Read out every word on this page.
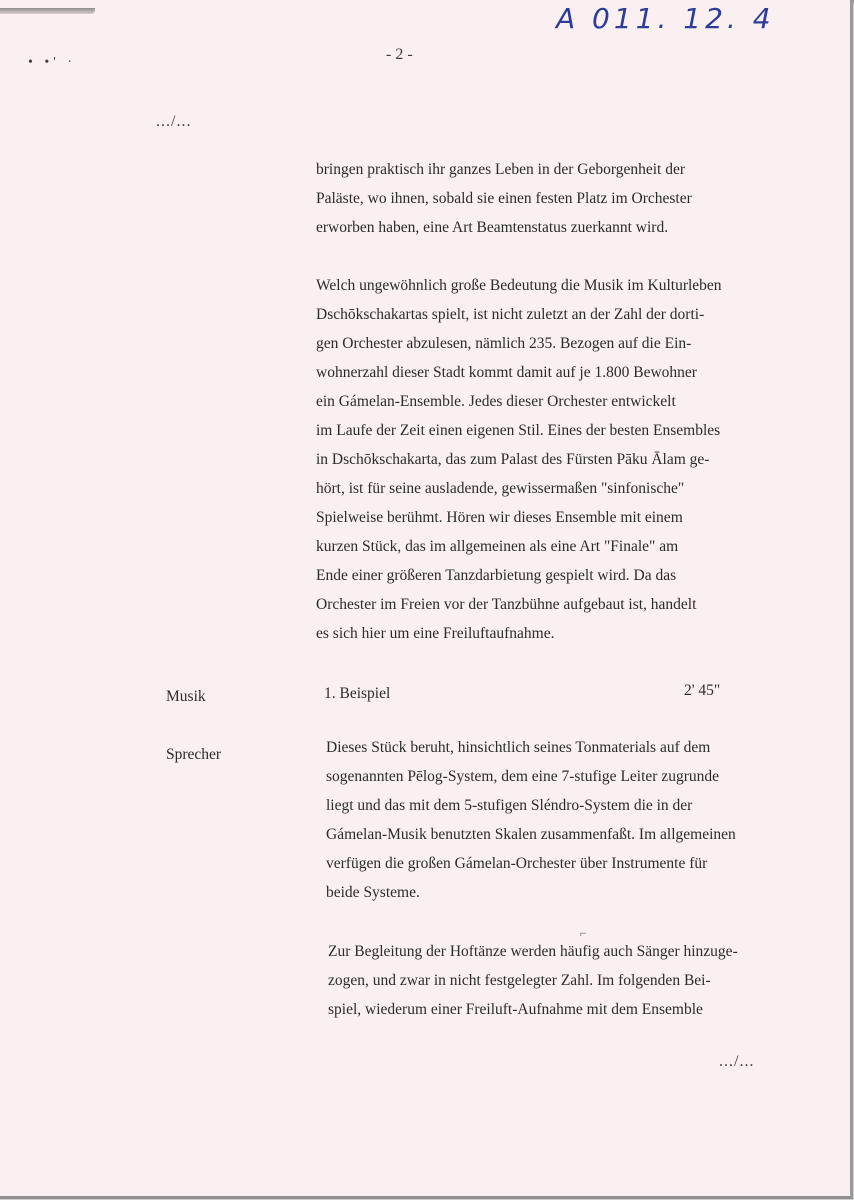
A 011. 12. 4
• •' ·	- 2 -
.../...

bringen praktisch ihr ganzes Leben in der Geborgenheit der
Paläste, wo ihnen, sobald sie einen festen Platz im Orchester
erworben haben, eine Art Beamtenstatus zuerkannt wird.

Welch ungewöhnlich große Bedeutung die Musik im Kulturleben
Dschōkschakartas spielt, ist nicht zuletzt an der Zahl der dorti-
gen Orchester abzulesen, nämlich 235. Bezogen auf die Ein-
wohnerzahl dieser Stadt kommt damit auf je 1.800 Bewohner
ein Gámelan-Ensemble. Jedes dieser Orchester entwickelt
im Laufe der Zeit einen eigenen Stil. Eines der besten Ensembles
in Dschōkschakarta, das zum Palast des Fürsten Pāku Ālam ge-
hört, ist für seine ausladende, gewissermaßen "sinfonische"
Spielweise berühmt. Hören wir dieses Ensemble mit einem
kurzen Stück, das im allgemeinen als eine Art "Finale" am
Ende einer größeren Tanzdarbietung gespielt wird. Da das
Orchester im Freien vor der Tanzbühne aufgebaut ist, handelt
es sich hier um eine Freiluftaufnahme.

Musik	1. Beispiel	2' 45"
Sprecher	Dieses Stück beruht, hinsichtlich seines Tonmaterials auf dem
sogenannten Pēlog-System, dem eine 7-stufige Leiter zugrunde
liegt und das mit dem 5-stufigen Sléndro-System die in der
Gámelan-Musik benutzten Skalen zusammenfaßt. Im allgemeinen
verfügen die großen Gámelan-Orchester über Instrumente für
beide Systeme.

⌐

Zur Begleitung der Hoftänze werden häufig auch Sänger hinzuge-
zogen, und zwar in nicht festgelegter Zahl. Im folgenden Bei-
spiel, wiederum einer Freiluft-Aufnahme mit dem Ensemble

.../...
